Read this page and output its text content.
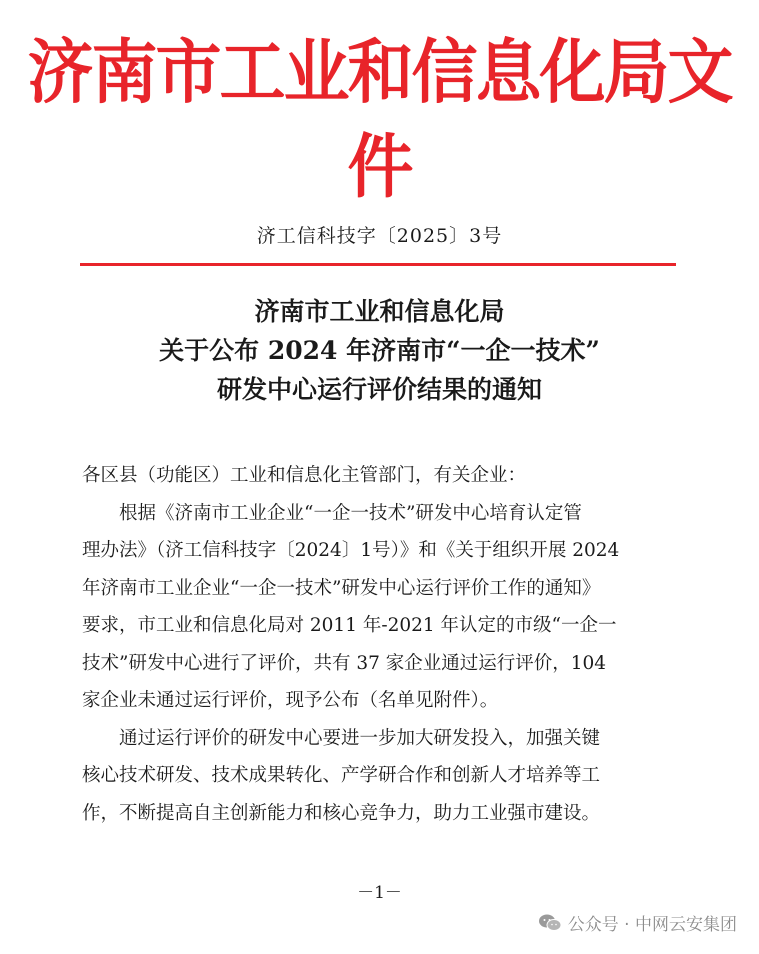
济南市工业和信息化局文件
济工信科技字〔2025〕3号
济南市工业和信息化局
关于公布 2024 年济南市“一企一技术”
研发中心运行评价结果的通知
各区县（功能区）工业和信息化主管部门，有关企业：
根据《济南市工业企业“一企一技术”研发中心培育认定管
理办法》（济工信科技字〔2024〕1号）》和《关于组织开展 2024
年济南市工业企业“一企一技术”研发中心运行评价工作的通知》
要求，市工业和信息化局对 2011 年-2021 年认定的市级“一企一
技术”研发中心进行了评价，共有 37 家企业通过运行评价，104
家企业未通过运行评价，现予公布（名单见附件）。
通过运行评价的研发中心要进一步加大研发投入，加强关键
核心技术研发、技术成果转化、产学研合作和创新人才培养等工
作，不断提高自主创新能力和核心竞争力，助力工业强市建设。
－1－
公众号 · 中网云安集团
